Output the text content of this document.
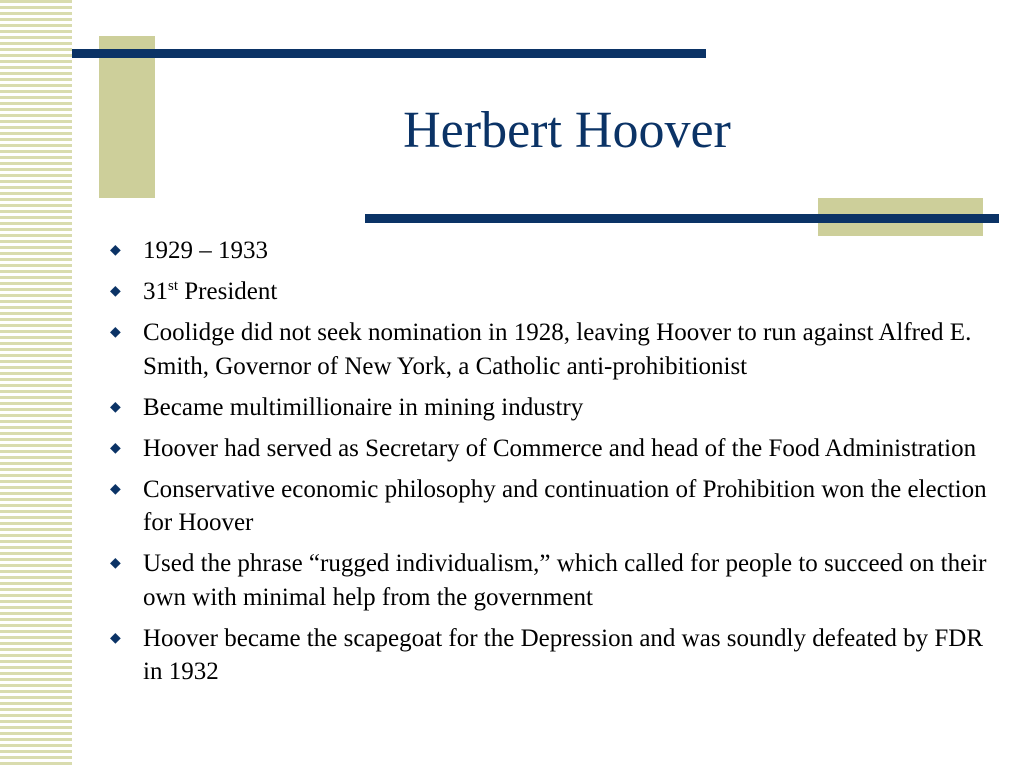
Herbert Hoover
◆
1929 – 1933
◆
31st President
◆
Coolidge did not seek nomination in 1928, leaving Hoover to run against Alfred E. Smith, Governor of New York, a Catholic anti-prohibitionist
◆
Became multimillionaire in mining industry
◆
Hoover had served as Secretary of Commerce and head of the Food Administration
◆
Conservative economic philosophy and continuation of Prohibition won the election for Hoover
◆
Used the phrase “rugged individualism,” which called for people to succeed on their own with minimal help from the government
◆
Hoover became the scapegoat for the Depression and was soundly defeated by FDR in 1932
